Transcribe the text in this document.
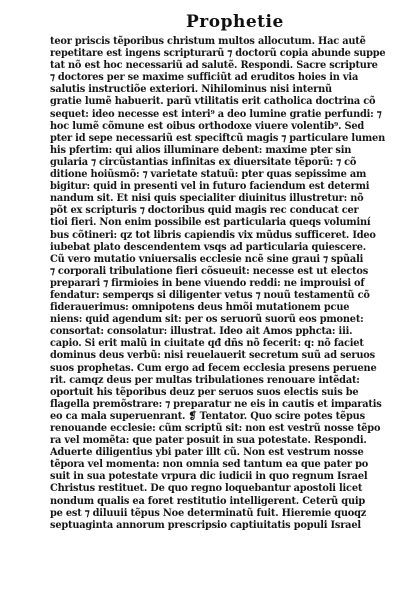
Prophetie
teor priscis tẽporibus christum multos allocutum. Hac autẽ
repetitare est ingens scripturarũ ⁊ doctorũ copia abunde suppe
tat nõ est hoc necessariũ ad salutẽ. Respondi. Sacre scripture
⁊ doctores per se maxime sufficiũt ad eruditos hoies in via
salutis instructiõe exteriori. Nihilominus nisi internũ
gratie lumẽ habuerit. parũ vtilitatis erit catholica doctrina cõ
sequet: ideo necesse est interi⁹ a deo lumine gratie perfundi: ⁊
hoc lumẽ cõmune est oibus orthodoxe viuere volentib⁹. Sed
pter id sepe necessariũ est speciftcũ magis ⁊ particulare lumen
his pfertim: qui alios illuminare debent: maxime pter sin
gularia ⁊ circũstantias infinitas ex diuersitate tẽporũ: ⁊ cõ
ditione hoiũsmõ: ⁊ varietate statuũ: pter quas sepissime am
bigitur: quid in presenti vel in futuro faciendum est determi
nandum sit. Et nisi quis specialiter diuinitus illustretur: nõ
põt ex scripturis ⁊ doctoribus quid magis rec conducat cer
tioi fieri. Non enim possibile est particularia queqs voluminí
bus cõtineri: qz tot libris capiendis vix mũdus sufficeret. Ideo
iubebat plato descendentem vsqs ad particularia quiescere.
Cũ vero mutatio vniuersalis ecclesie ncẽ sine graui ⁊ spũali
⁊ corporali tribulatione fieri cõsueuit: necesse est ut electos
preparari ⁊ firmioies in bene viuendo reddi: ne improuisi of
fendatur: semperqs si diligenter vetus ⁊ nouũ testamentũ cõ
fiderauerimus: omnipotens deus hmõi mutationem pcue
niens: quid agendum sit: per os seruorũ suorũ eos pmonet:
consortat: consolatur: illustrat. Ideo ait Amos pphcta: iii.
capio. Si erit malũ in ciuitate qđ dñs nõ fecerit: q: nõ faciet
dominus deus verbũ: nisi reuelauerit secretum suũ ad seruos
suos prophetas. Cum ergo ad fecem ecclesia presens peruene
rit. camqz deus per multas tribulationes renouare intẽdat:
oportuit his tẽporibus deuz per seruos suos electis suis be
flagella premõstrare: ⁊ preparatur ne eis in cautis et imparatis
eo ca mala superuenrant. ❡ Tentator. Quo scire potes tẽpus
renouande ecclesie: cũm scriptũ sit: non est vestrũ nosse tẽpo
ra vel momẽta: que pater posuit in sua potestate. Respondi.
Aduerte diligentius ybi pater illt cũ. Non est vestrum nosse
tẽpora vel momenta: non omnia sed tantum ea que pater po
suit in sua potestate vrpura dic iudicii in quo regnum Israel
Christus restituet. De quo regno loquebantur apostoli licet
nondum qualis ea foret restitutio intelligerent. Ceterũ quip
pe est ⁊ diluuii tẽpus Noe determinatũ fuit. Hieremie quoqz
septuaginta annorum prescripsio captiuitatis populi Israel
